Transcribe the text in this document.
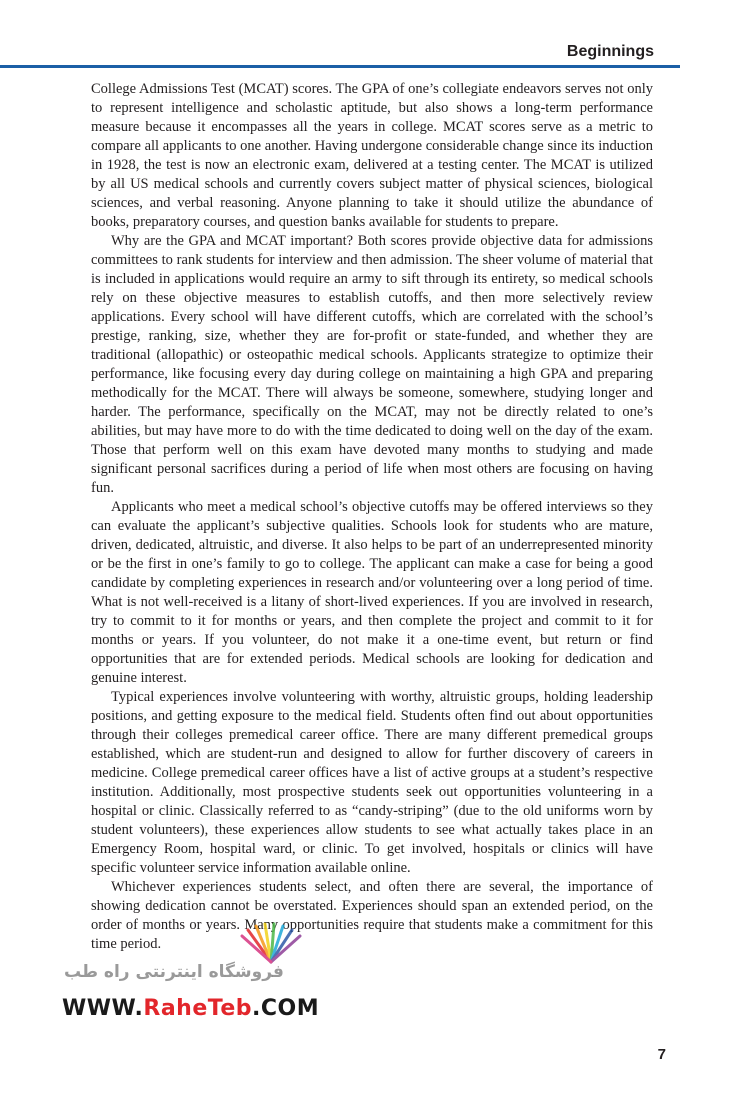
Beginnings

College Admissions Test (MCAT) scores. The GPA of one’s collegiate endeavors serves not only to represent intelligence and scholastic aptitude, but also shows a long-term performance measure because it encompasses all the years in college. MCAT scores serve as a metric to compare all applicants to one another. Having undergone considerable change since its induction in 1928, the test is now an electronic exam, delivered at a testing center. The MCAT is utilized by all US medical schools and currently covers subject matter of physical sciences, biological sciences, and verbal reasoning. Anyone planning to take it should utilize the abundance of books, preparatory courses, and question banks available for students to prepare.

Why are the GPA and MCAT important? Both scores provide objective data for admissions committees to rank students for interview and then admission. The sheer volume of material that is included in applications would require an army to sift through its entirety, so medical schools rely on these objective measures to establish cutoffs, and then more selectively review applications. Every school will have different cutoffs, which are correlated with the school’s prestige, ranking, size, whether they are for-profit or state-funded, and whether they are traditional (allopathic) or osteopathic medical schools. Applicants strategize to optimize their performance, like focusing every day during college on maintaining a high GPA and preparing methodically for the MCAT. There will always be someone, somewhere, studying longer and harder. The performance, specifically on the MCAT, may not be directly related to one’s abilities, but may have more to do with the time dedicated to doing well on the day of the exam. Those that perform well on this exam have devoted many months to studying and made significant personal sacrifices during a period of life when most others are focusing on having fun.

Applicants who meet a medical school’s objective cutoffs may be offered interviews so they can evaluate the applicant’s subjective qualities. Schools look for students who are mature, driven, dedicated, altruistic, and diverse. It also helps to be part of an underrepresented minority or be the first in one’s family to go to college. The applicant can make a case for being a good candidate by completing experiences in research and/or volunteering over a long period of time. What is not well-received is a litany of short-lived experiences. If you are involved in research, try to commit to it for months or years, and then complete the project and commit to it for months or years. If you volunteer, do not make it a one-time event, but return or find opportunities that are for extended periods. Medical schools are looking for dedication and genuine interest.

Typical experiences involve volunteering with worthy, altruistic groups, holding leadership positions, and getting exposure to the medical field. Students often find out about opportunities through their colleges premedical career office. There are many different premedical groups established, which are student-run and designed to allow for further discovery of careers in medicine. College premedical career offices have a list of active groups at a student’s respective institution. Additionally, most prospective students seek out opportunities volunteering in a hospital or clinic. Classically referred to as “candy-striping” (due to the old uniforms worn by student volunteers), these experiences allow students to see what actually takes place in an Emergency Room, hospital ward, or clinic. To get involved, hospitals or clinics will have specific volunteer service information available online.

Whichever experiences students select, and often there are several, the importance of showing dedication cannot be overstated. Experiences should span an extended period, on the order of months or years. Many opportunities require that students make a commitment for this time period.

فروشگاه اینترنتی راه طب
WWW.RaheTeb.COM
7
